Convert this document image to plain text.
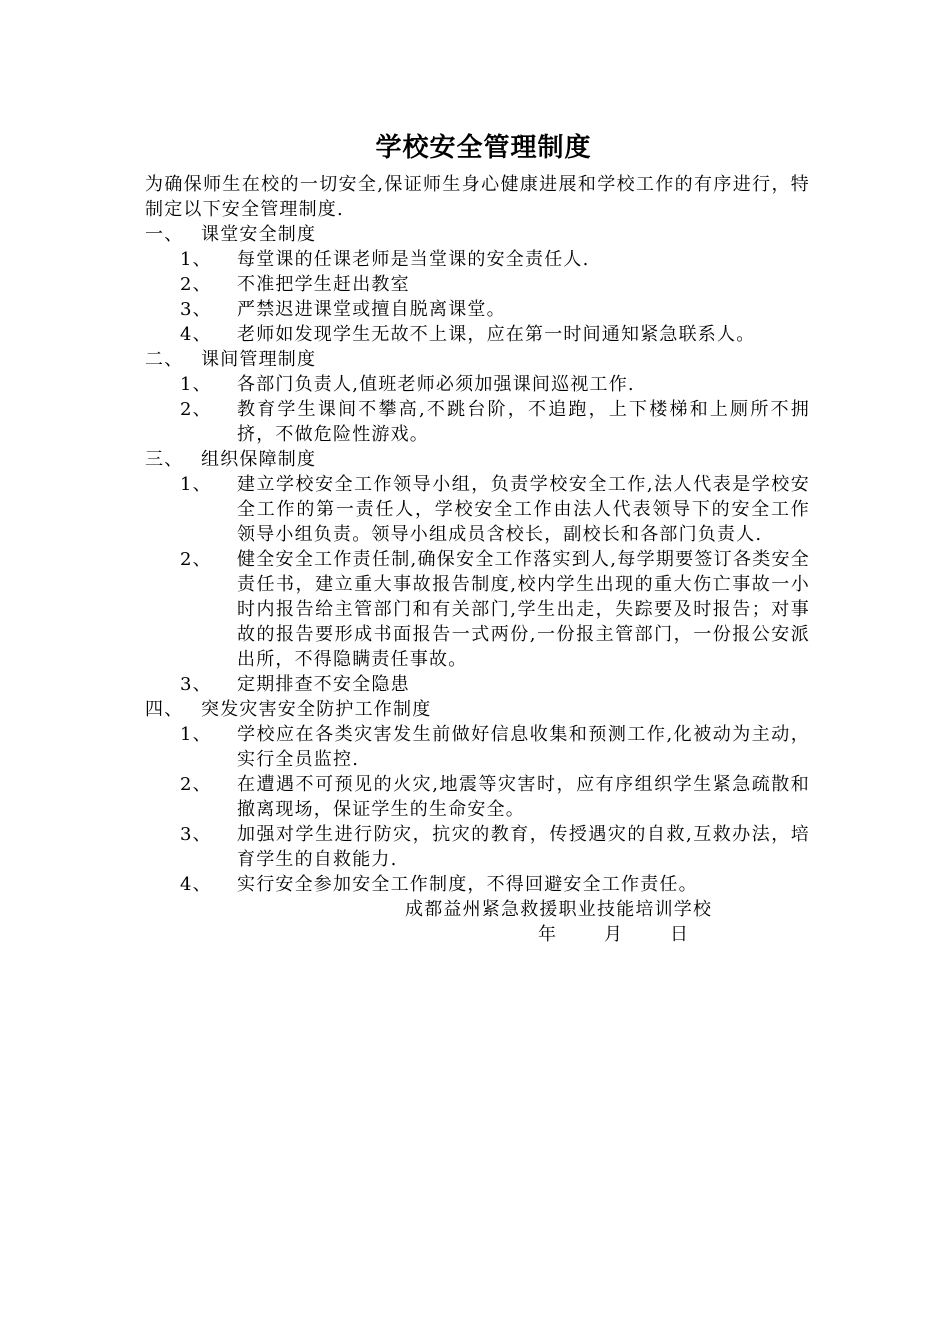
学校安全管理制度
为确保师生在校的一切安全,保证师生身心健康进展和学校工作的有序进行，特制定以下安全管理制度.
一、 课堂安全制度
1、	每堂课的任课老师是当堂课的安全责任人.
2、	不准把学生赶出教室
3、	严禁迟进课堂或擅自脱离课堂。
4、	老师如发现学生无故不上课，应在第一时间通知紧急联系人。
二、 课间管理制度
1、	各部门负责人,值班老师必须加强课间巡视工作.
2、	教育学生课间不攀高,不跳台阶，不追跑，上下楼梯和上厕所不拥挤，不做危险性游戏。
三、 组织保障制度
1、	建立学校安全工作领导小组，负责学校安全工作,法人代表是学校安全工作的第一责任人，学校安全工作由法人代表领导下的安全工作领导小组负责。领导小组成员含校长，副校长和各部门负责人.
2、	健全安全工作责任制,确保安全工作落实到人,每学期要签订各类安全责任书，建立重大事故报告制度,校内学生出现的重大伤亡事故一小时内报告给主管部门和有关部门,学生出走，失踪要及时报告；对事故的报告要形成书面报告一式两份,一份报主管部门，一份报公安派出所，不得隐瞒责任事故。
3、	定期排查不安全隐患
四、 突发灾害安全防护工作制度
1、	学校应在各类灾害发生前做好信息收集和预测工作,化被动为主动，实行全员监控.
2、	在遭遇不可预见的火灾,地震等灾害时，应有序组织学生紧急疏散和撤离现场，保证学生的生命安全。
3、	加强对学生进行防灾，抗灾的教育，传授遇灾的自救,互救办法，培育学生的自救能力.
4、	实行安全参加安全工作制度，不得回避安全工作责任。
成都益州紧急救援职业技能培训学校
年	月	日
